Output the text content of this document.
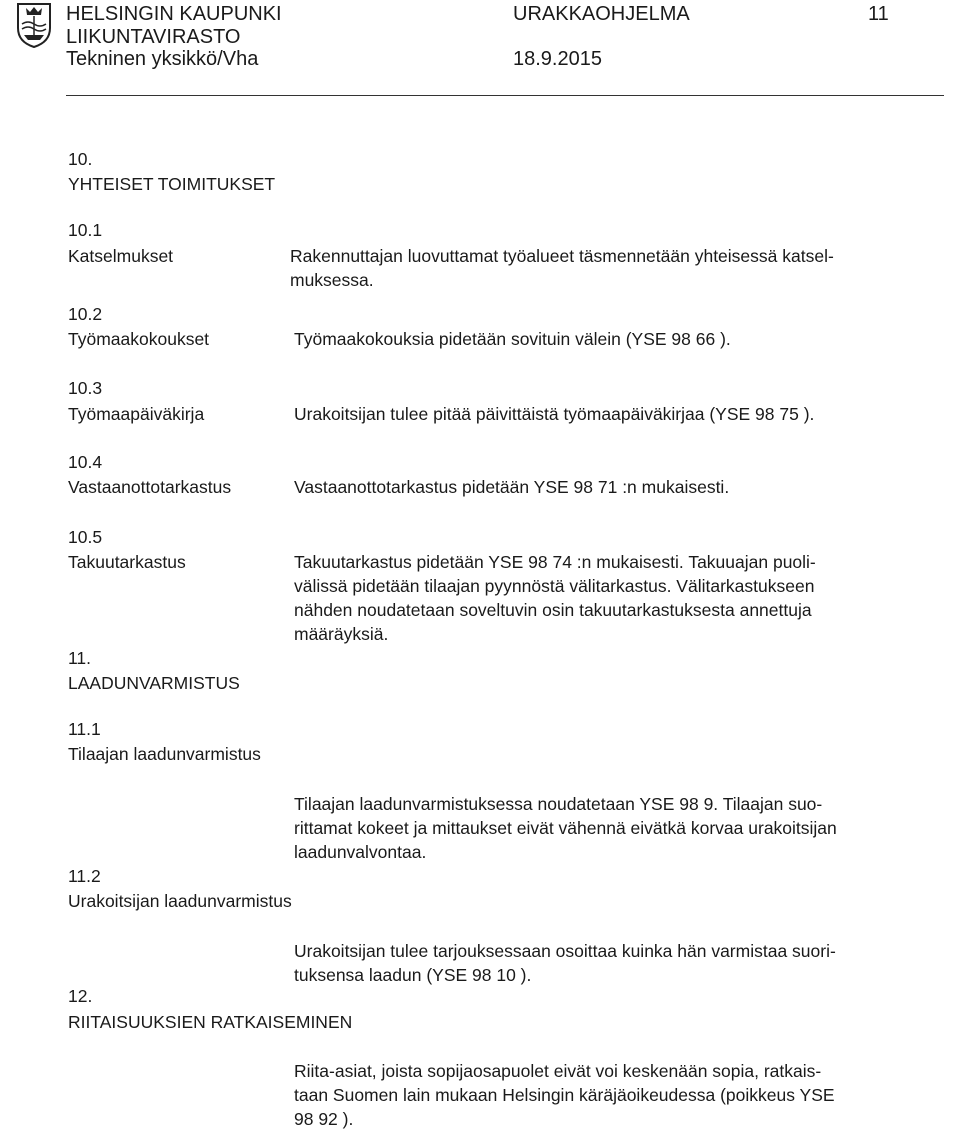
HELSINGIN KAUPUNKI
LIIKUNTAVIRASTO
Tekninen yksikkö/Vha
URAKKAOHJELMA
18.9.2015
11
10.
YHTEISET TOIMITUKSET
10.1
Katselmukset	Rakennuttajan luovuttamat työalueet täsmennetään yhteisessä katsel-
muksessa.
10.2
Työmaakokoukset	Työmaakokouksia pidetään sovituin välein (YSE 98 66 ).
10.3
Työmaapäiväkirja	Urakoitsijan tulee pitää päivittäistä työmaapäiväkirjaa (YSE 98 75 ).
10.4
Vastaanottotarkastus	Vastaanottotarkastus pidetään YSE 98 71 :n mukaisesti.
10.5
Takuutarkastus	Takuutarkastus pidetään YSE 98 74 :n mukaisesti. Takuuajan puoli-
välissä pidetään tilaajan pyynnöstä välitarkastus. Välitarkastukseen
nähden noudatetaan soveltuvin osin takuutarkastuksesta annettuja
määräyksiä.
11.
LAADUNVARMISTUS
11.1
Tilaajan laadunvarmistus
Tilaajan laadunvarmistuksessa noudatetaan YSE 98 9. Tilaajan suo-
rittamat kokeet ja mittaukset eivät vähennä eivätkä korvaa urakoitsijan
laadunvalvontaa.
11.2
Urakoitsijan laadunvarmistus
Urakoitsijan tulee tarjouksessaan osoittaa kuinka hän varmistaa suori-
tuksensa laadun (YSE 98 10 ).
12.
RIITAISUUKSIEN RATKAISEMINEN
Riita-asiat, joista sopijaosapuolet eivät voi keskenään sopia, ratkais-
taan Suomen lain mukaan Helsingin käräjäoikeudessa (poikkeus YSE
98 92 ).
